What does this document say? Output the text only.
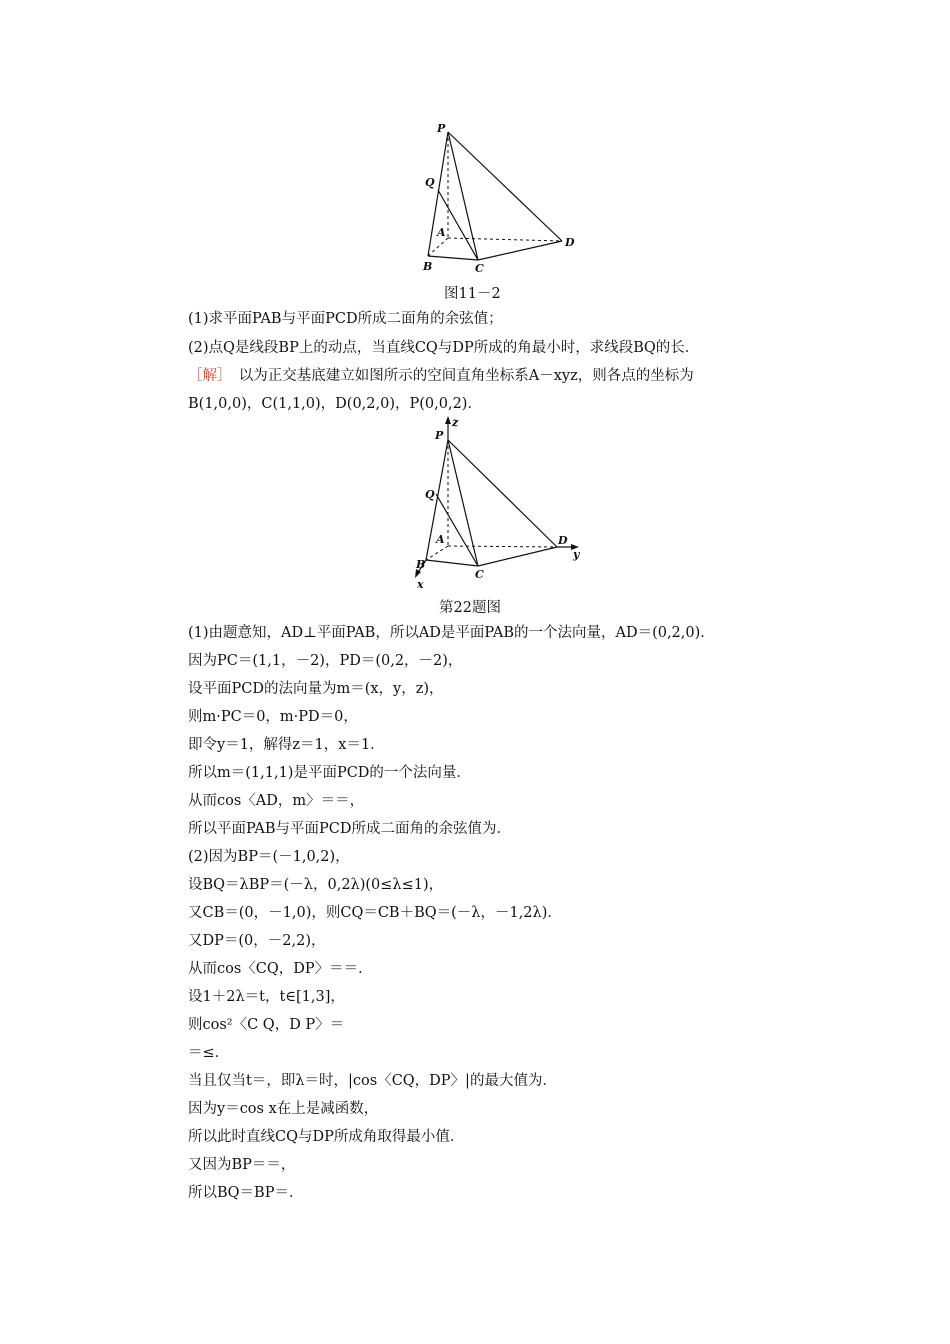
P
Q
A
B	C
D
图11－2
(1)求平面PAB与平面PCD所成二面角的余弦值；
(2)点Q是线段BP上的动点，当直线CQ与DP所成的角最小时，求线段BQ的长．
［解］　以为正交基底建立如图所示的空间直角坐标系A－xyz，则各点的坐标为
B(1,0,0)，C(1,1,0)，D(0,2,0)，P(0,0,2)．
P
z
Q
A
B
C
D
y
x
第22题图
(1)由题意知，AD⊥平面PAB，所以AD是平面PAB的一个法向量，AD＝(0,2,0)．
因为PC＝(1,1，－2)，PD＝(0,2，－2)，
设平面PCD的法向量为m＝(x，y，z)，
则m·PC＝0，m·PD＝0，
即令y＝1，解得z＝1，x＝1．
所以m＝(1,1,1)是平面PCD的一个法向量．
从而cos〈AD，m〉＝＝，
所以平面PAB与平面PCD所成二面角的余弦值为．
(2)因为BP＝(－1,0,2)，
设BQ＝λBP＝(－λ，0,2λ)(0≤λ≤1)，
又CB＝(0，－1,0)，则CQ＝CB＋BQ＝(－λ，－1,2λ)．
又DP＝(0，－2,2)，
从而cos〈CQ，DP〉＝＝．
设1＋2λ＝t，t∈[1,3]，
则cos²〈C Q，D P〉＝
＝≤．
当且仅当t＝，即λ＝时，|cos〈CQ，DP〉|的最大值为．
因为y＝cos x在上是减函数，
所以此时直线CQ与DP所成角取得最小值．
又因为BP＝＝，
所以BQ＝BP＝．
